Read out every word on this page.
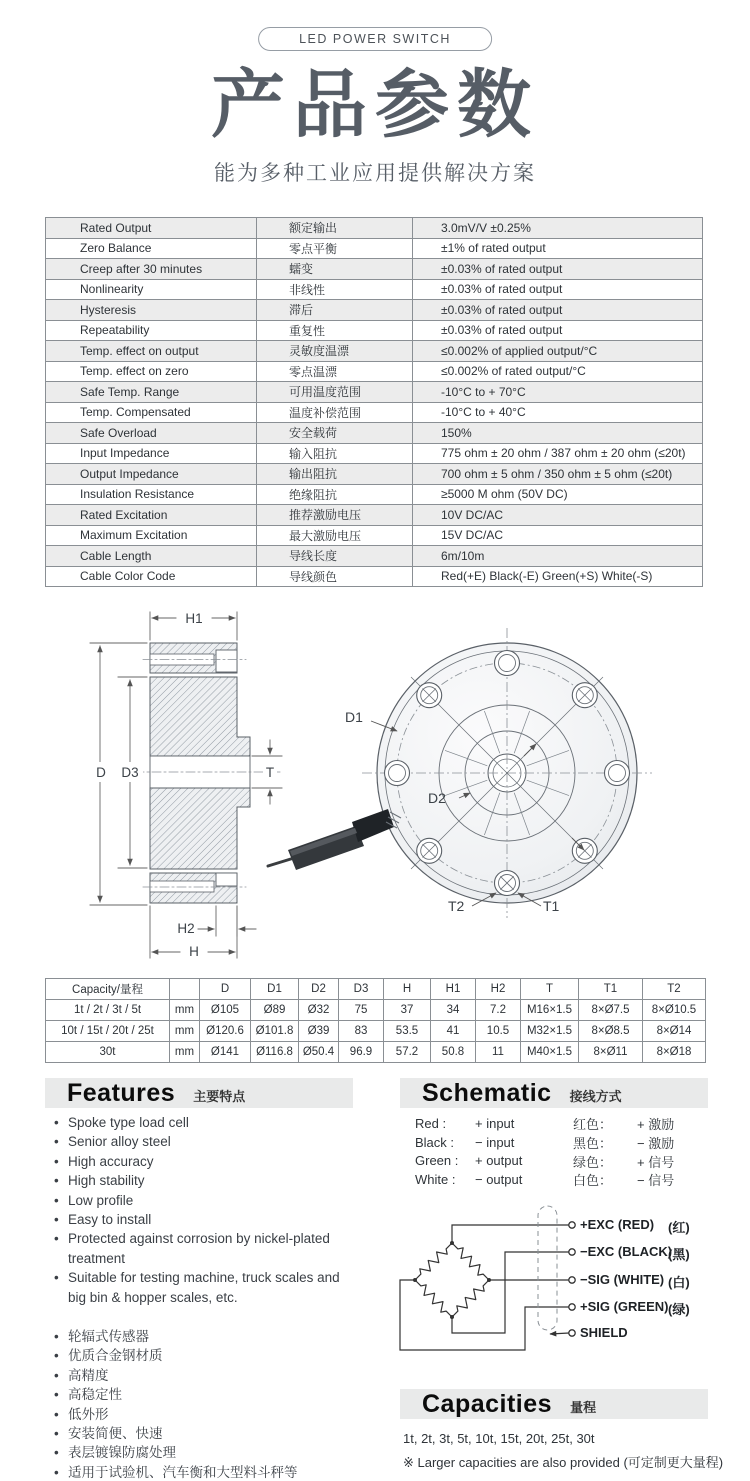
LED POWER SWITCH
产品参数
能为多种工业应用提供解决方案
Rated Output	额定输出	3.0mV/V ±0.25%
Zero Balance	零点平衡	±1% of rated output
Creep after 30 minutes	蠕变	±0.03% of rated output
Nonlinearity	非线性	±0.03% of rated output
Hysteresis	滞后	±0.03% of rated output
Repeatability	重复性	±0.03% of rated output
Temp. effect on output	灵敏度温漂	≤0.002% of applied output/°C
Temp. effect on zero	零点温漂	≤0.002% of rated output/°C
Safe Temp. Range	可用温度范围	-10°C to + 70°C
Temp. Compensated	温度补偿范围	-10°C to + 40°C
Safe Overload	安全载荷	150%
Input Impedance	输入阻抗	775 ohm ± 20 ohm / 387 ohm ± 20 ohm (≤20t)
Output Impedance	输出阻抗	700 ohm ± 5 ohm / 350 ohm ± 5 ohm (≤20t)
Insulation Resistance	绝缘阻抗	≥5000 M ohm (50V DC)
Rated Excitation	推荐激励电压	10V DC/AC
Maximum Excitation	最大激励电压	15V DC/AC
Cable Length	导线长度	6m/10m
Cable Color Code	导线颜色	Red(+E) Black(-E) Green(+S) White(-S)
H1
D D3	T
H2
H
D1
D2
T2	T1
Capacity/量程		D	D1	D2	D3	H	H1	H2	T	T1	T2
1t / 2t / 3t / 5t	mm	Ø105	Ø89	Ø32	75	37	34	7.2	M16×1.5	8×Ø7.5	8×Ø10.5
10t / 15t / 20t / 25t	mm	Ø120.6	Ø101.8	Ø39	83	53.5	41	10.5	M32×1.5	8×Ø8.5	8×Ø14
30t	mm	Ø141	Ø116.8	Ø50.4	96.9	57.2	50.8	11	M40×1.5	8×Ø11	8×Ø18
Features 主要特点
• Spoke type load cell
• Senior alloy steel
• High accuracy
• High stability
• Low profile
• Easy to install
• Protected against corrosion by nickel-plated treatment
• Suitable for testing machine, truck scales and big bin & hopper scales, etc.
• 轮辐式传感器
• 优质合金钢材质
• 高精度
• 高稳定性
• 低外形
• 安装简便、快速
• 表层镀镍防腐处理
• 适用于试验机、汽车衡和大型料斗秤等
Schematic 接线方式
Red :	+ input	红色：	+ 激励
Black :	− input	黑色：	− 激励
Green :	+ output	绿色：	+ 信号
White :	− output	白色：	− 信号
+EXC (RED) (红)
−EXC (BLACK)
(黑)
−SIG (WHITE) (白)
+SIG (GREEN) (绿)
SHIELD
Capacities 量程
1t, 2t, 3t, 5t, 10t, 15t, 20t, 25t, 30t
※ Larger capacities are also provided (可定制更大量程)
